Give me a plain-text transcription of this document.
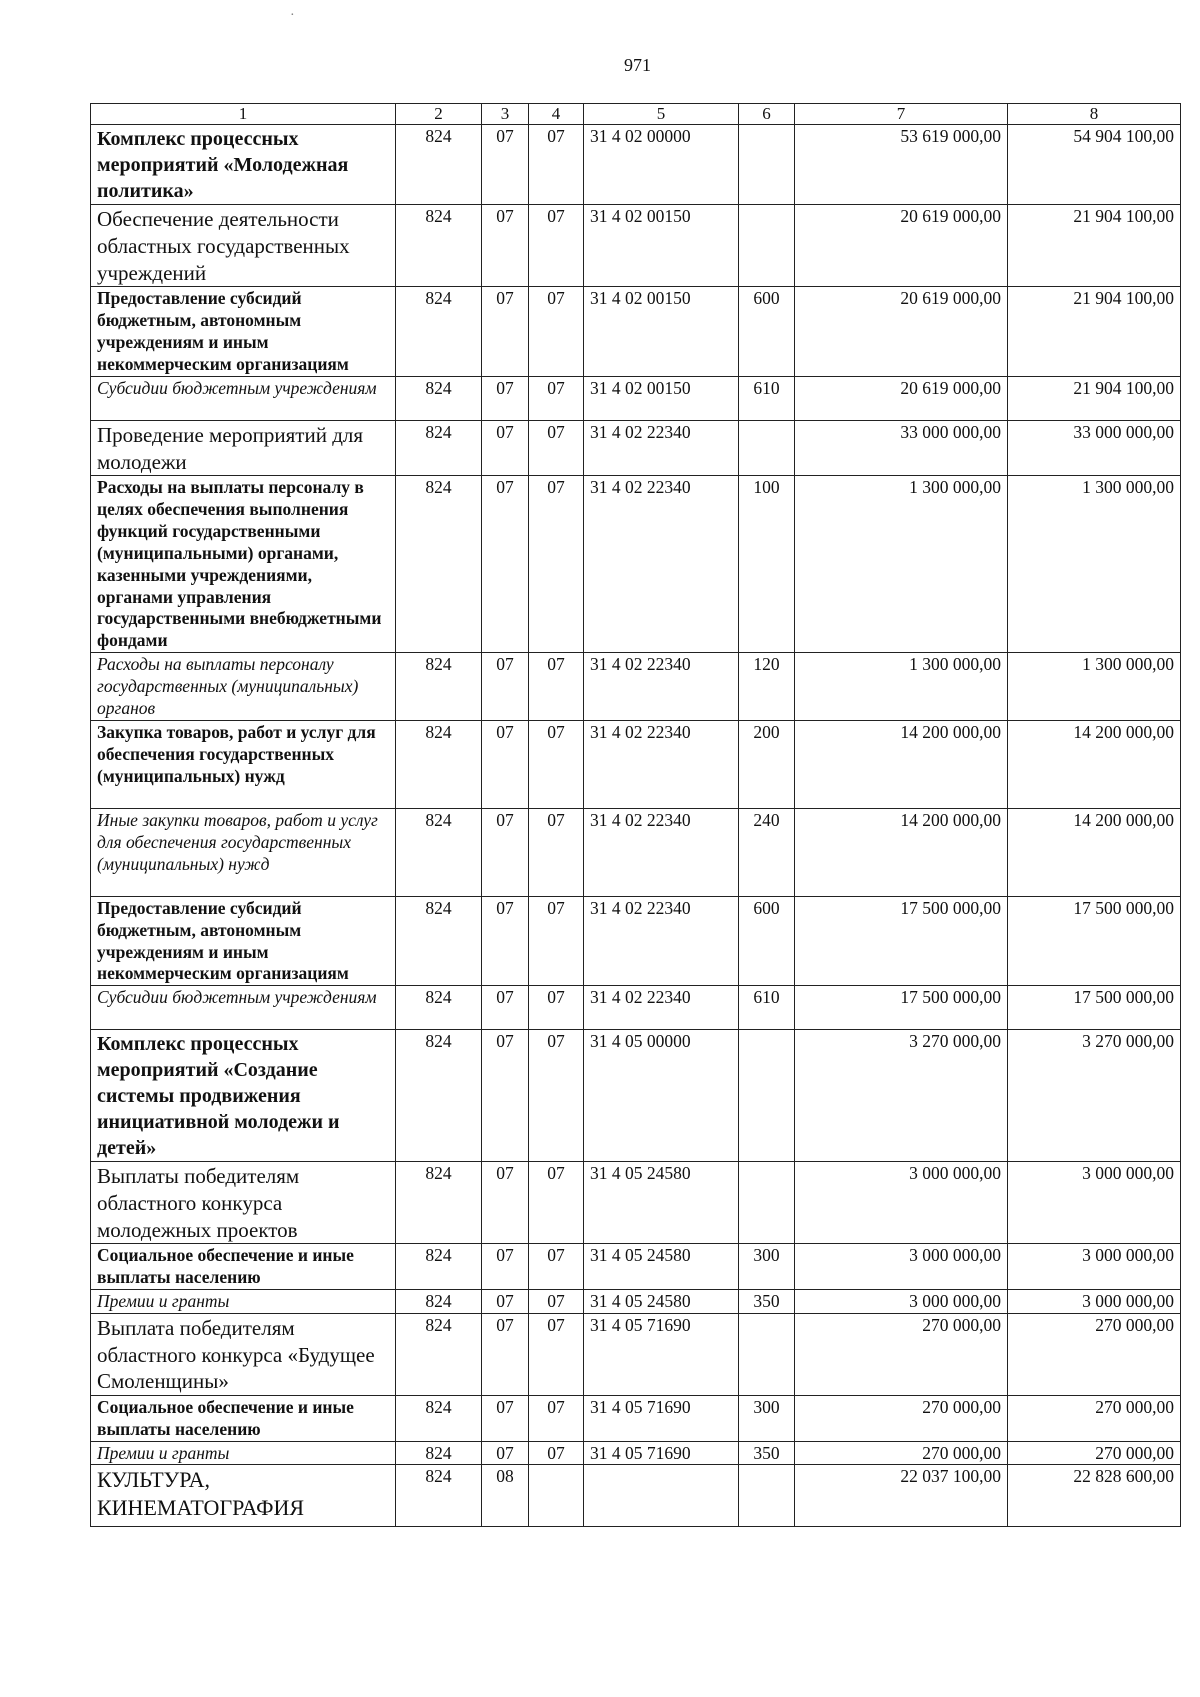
971
1	2	3	4	5	6	7	8
Комплекс процессных мероприятий «Молодежная политика»	824	07	07	31 4 02 00000		53 619 000,00	54 904 100,00
Обеспечение деятельности областных государственных учреждений	824	07	07	31 4 02 00150		20 619 000,00	21 904 100,00
Предоставление субсидий бюджетным, автономным учреждениям и иным некоммерческим организациям	824	07	07	31 4 02 00150	600	20 619 000,00	21 904 100,00
Субсидии бюджетным учреждениям	824	07	07	31 4 02 00150	610	20 619 000,00	21 904 100,00
Проведение мероприятий для молодежи	824	07	07	31 4 02 22340		33 000 000,00	33 000 000,00
Расходы на выплаты персоналу в целях обеспечения выполнения функций государственными (муниципальными) органами, казенными учреждениями, органами управления государственными внебюджетными фондами	824	07	07	31 4 02 22340	100	1 300 000,00	1 300 000,00
Расходы на выплаты персоналу государственных (муниципальных) органов	824	07	07	31 4 02 22340	120	1 300 000,00	1 300 000,00
Закупка товаров, работ и услуг для обеспечения государственных (муниципальных) нужд	824	07	07	31 4 02 22340	200	14 200 000,00	14 200 000,00
Иные закупки товаров, работ и услуг для обеспечения государственных (муниципальных) нужд	824	07	07	31 4 02 22340	240	14 200 000,00	14 200 000,00
Предоставление субсидий бюджетным, автономным учреждениям и иным некоммерческим организациям	824	07	07	31 4 02 22340	600	17 500 000,00	17 500 000,00
Субсидии бюджетным учреждениям	824	07	07	31 4 02 22340	610	17 500 000,00	17 500 000,00
Комплекс процессных мероприятий «Создание системы продвижения инициативной молодежи и детей»	824	07	07	31 4 05 00000		3 270 000,00	3 270 000,00
Выплаты победителям областного конкурса молодежных проектов	824	07	07	31 4 05 24580		3 000 000,00	3 000 000,00
Социальное обеспечение и иные выплаты населению	824	07	07	31 4 05 24580	300	3 000 000,00	3 000 000,00
Премии и гранты	824	07	07	31 4 05 24580	350	3 000 000,00	3 000 000,00
Выплата победителям областного конкурса «Будущее Смоленщины»	824	07	07	31 4 05 71690		270 000,00	270 000,00
Социальное обеспечение и иные выплаты населению	824	07	07	31 4 05 71690	300	270 000,00	270 000,00
Премии и гранты	824	07	07	31 4 05 71690	350	270 000,00	270 000,00
КУЛЬТУРА, КИНЕМАТОГРАФИЯ	824	08				22 037 100,00	22 828 600,00
·
